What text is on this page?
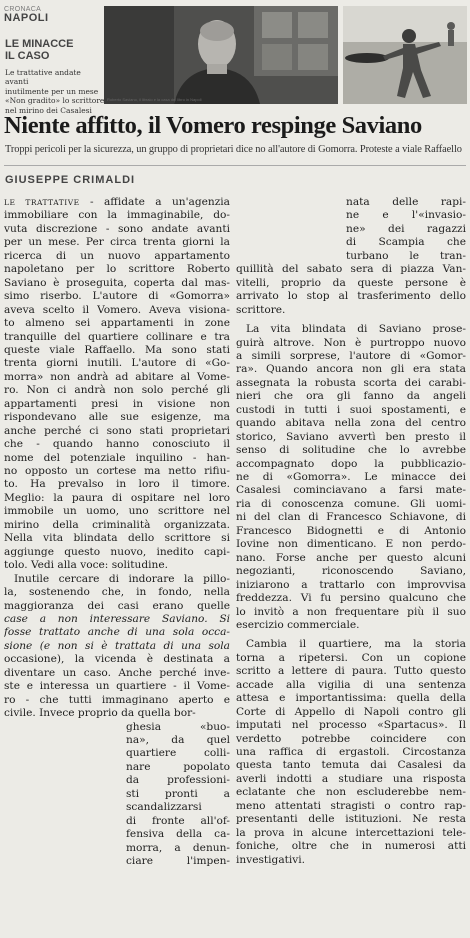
CRONACA
NAPOLI
LE MINACCE
IL CASO
Le trattative andate avanti
inutilmente per un mese
«Non gradito» lo scrittore
nel mirino dei Casalesi
Roberto Saviano, il libraio e la casa del libro in Napoli
Niente affitto, il Vomero respinge Saviano
Troppi pericoli per la sicurezza, un gruppo di proprietari dice no all'autore di Gomorra. Proteste a viale Raffaello
GIUSEPPE CRIMALDI
LE TRATTATIVE - affidate a un'agenzia
immobiliare con la immaginabile, do-
vuta discrezione - sono andate avanti
per un mese. Per circa trenta giorni la
ricerca di un nuovo appartamento
napoletano per lo scrittore Roberto
Saviano è proseguita, coperta dal mas-
simo riserbo. L'autore di «Gomorra»
aveva scelto il Vomero. Aveva visiona-
to almeno sei appartamenti in zone
tranquille del quartiere collinare e tra
queste viale Raffaello. Ma sono stati
trenta giorni inutili. L'autore di «Go-
morra» non andrà ad abitare al Vome-
ro. Non ci andrà non solo perché gli
appartamenti presi in visione non
rispondevano alle sue esigenze, ma
anche perché ci sono stati proprietari
che - quando hanno conosciuto il
nome del potenziale inquilino - han-
no opposto un cortese ma netto rifiu-
to. Ha prevalso in loro il timore.
Meglio: la paura di ospitare nel loro
immobile un uomo, uno scrittore nel
mirino della criminalità organizzata.
Nella vita blindata dello scrittore si
aggiunge questo nuovo, inedito capi-
tolo. Vedi alla voce: solitudine.
Inutile cercare di indorare la pillo-
la, sostenendo che, in fondo, nella
maggioranza dei casi erano quelle
case a non interessare Saviano. Si
fosse trattato anche di una sola occa-
sione (e non si è trattata di una sola
occasione), la vicenda è destinata a
diventare un caso. Anche perché inve-
ste e interessa un quartiere - il Vome-
ro - che tutti immaginano aperto e
civile. Invece proprio da quella bor-
ghesia «buo-
na», da quel
quartiere colli-
nare popolato
da professioni-
sti pronti a
scandalizzarsi
di fronte all'of-
fensiva della ca-
morra, a denun-
ciare l'impen-
nata delle rapi-
ne e l'«invasio-
ne» dei ragazzi
di Scampia che
turbano le tran-
quillità del sabato sera di piazza Van-
vitelli, proprio da queste persone è
arrivato lo stop al trasferimento dello
scrittore.
La vita blindata di Saviano prose-
guirà altrove. Non è purtroppo nuovo
a simili sorprese, l'autore di «Gomor-
ra». Quando ancora non gli era stata
assegnata la robusta scorta dei carabi-
nieri che ora gli fanno da angeli
custodi in tutti i suoi spostamenti, e
quando abitava nella zona del centro
storico, Saviano avvertì ben presto il
senso di solitudine che lo avrebbe
accompagnato dopo la pubblicazio-
ne di «Gomorra». Le minacce dei
Casalesi cominciavano a farsi mate-
ria di conoscenza comune. Gli uomi-
ni del clan di Francesco Schiavone, di
Francesco Bidognetti e di Antonio
Iovine non dimenticano. E non perdo-
nano. Forse anche per questo alcuni
negozianti, riconoscendo Saviano,
iniziarono a trattarlo con improvvisa
freddezza. Vi fu persino qualcuno che
lo invitò a non frequentare più il suo
esercizio commerciale.
Cambia il quartiere, ma la storia
torna a ripetersi. Con un copione
scritto a lettere di paura. Tutto questo
accade alla vigilia di una sentenza
attesa e importantissima: quella della
Corte di Appello di Napoli contro gli
imputati nel processo «Spartacus». Il
verdetto potrebbe coincidere con
una raffica di ergastoli. Circostanza
questa tanto temuta dai Casalesi da
averli indotti a studiare una risposta
eclatante che non escluderebbe nem-
meno attentati stragisti o contro rap-
presentanti delle istituzioni. Ne resta
la prova in alcune intercettazioni tele-
foniche, oltre che in numerosi atti
investigativi.
